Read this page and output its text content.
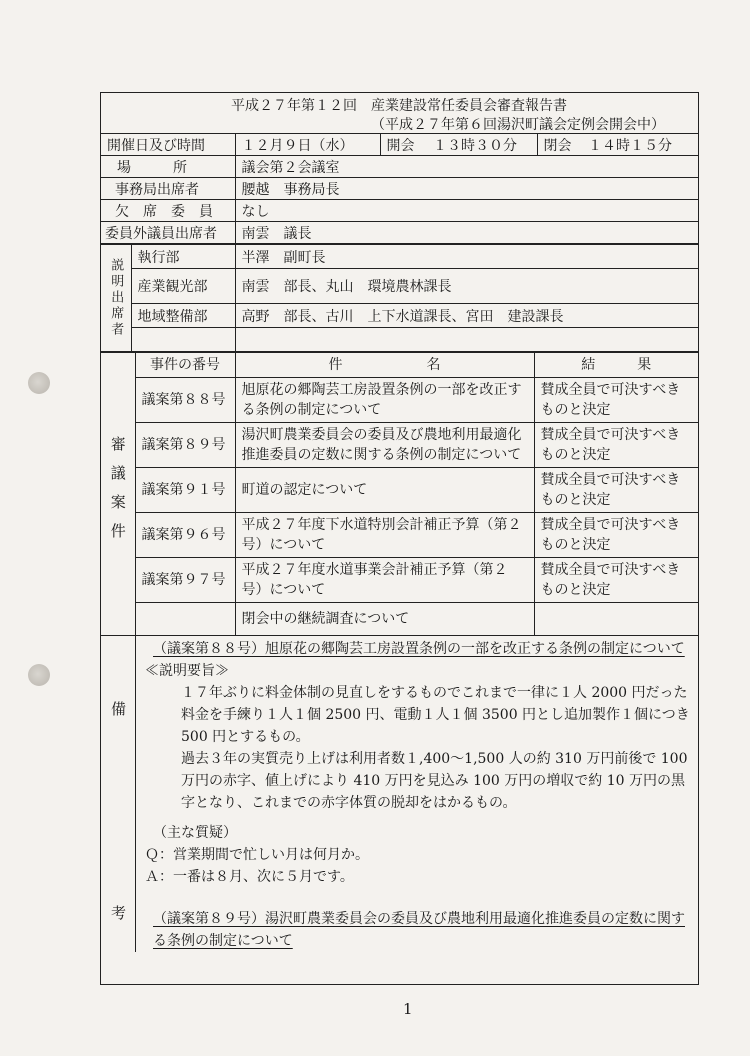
平成２７年第１２回　産業建設常任委員会審査報告書
（平成２７年第６回湯沢町議会定例会開会中）
開催日及び時間	１２月９日（水）	開会	１３時３０分	閉会	１４時１５分
場　　　所	議会第２会議室				
事務局出席者	腰越　事務局長				
欠　席　委　員	なし				
委員外議員出席者	南雲　議長				
説明出席者	執行部	半澤　副町長
	産業観光部	南雲　部長、丸山　環境農林課長
	地域整備部	高野　部長、古川　上下水道課長、宮田　建設課長

審議案件	事件の番号	件　　　　　　名	結　　　果
	議案第８８号	旭原花の郷陶芸工房設置条例の一部を改正する条例の制定について	賛成全員で可決すべきものと決定
	議案第８９号	湯沢町農業委員会の委員及び農地利用最適化推進委員の定数に関する条例の制定について	賛成全員で可決すべきものと決定
	議案第９１号	町道の認定について	賛成全員で可決すべきものと決定
	議案第９６号	平成２７年度下水道特別会計補正予算（第２号）について	賛成全員で可決すべきものと決定
	議案第９７号	平成２７年度水道事業会計補正予算（第２号）について	賛成全員で可決すべきものと決定
		閉会中の継続調査について	
備
考
（議案第８８号）旭原花の郷陶芸工房設置条例の一部を改正する条例の制定について
≪説明要旨≫
１７年ぶりに料金体制の見直しをするものでこれまで一律に１人 2000 円だった料金を手練り１人１個 2500 円、電動１人１個 3500 円とし追加製作１個につき 500 円とするもの。
過去３年の実質売り上げは利用者数１,400～1,500 人の約 310 万円前後で 100 万円の赤字、値上げにより 410 万円を見込み 100 万円の増収で約 10 万円の黒字となり、これまでの赤字体質の脱却をはかるもの。
（主な質疑）
Ｑ：営業期間で忙しい月は何月か。
Ａ：一番は８月、次に５月です。
（議案第８９号）湯沢町農業委員会の委員及び農地利用最適化推進委員の定数に関する条例の制定について
1
